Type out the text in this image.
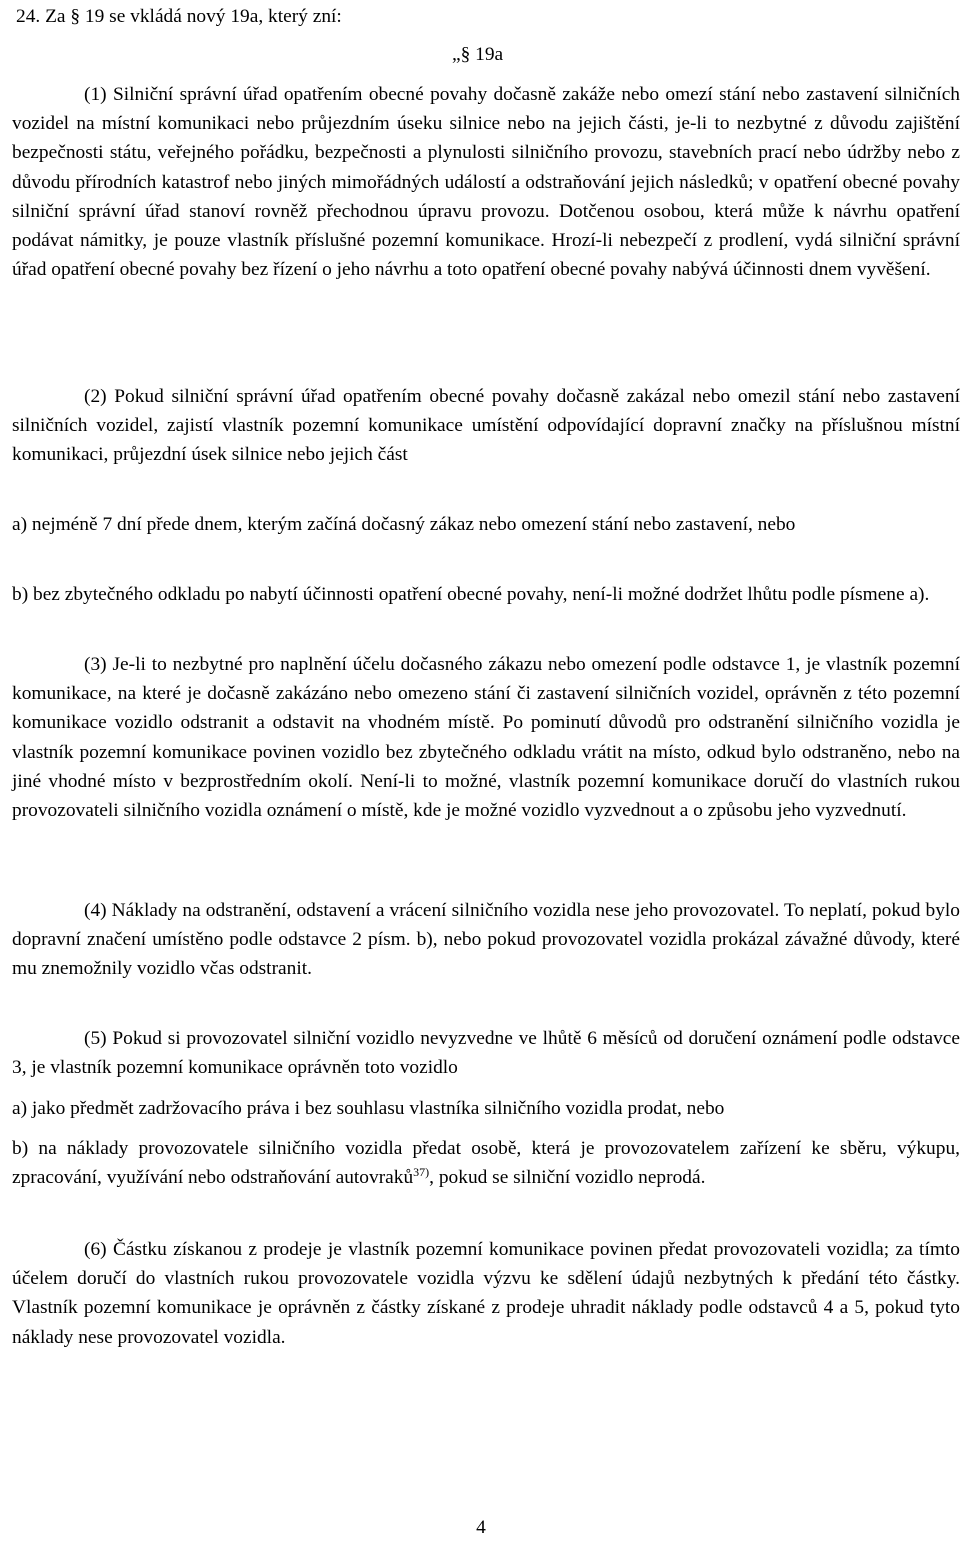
24. Za § 19 se vkládá nový 19a, který zní:
„§ 19a

(1) Silniční správní úřad opatřením obecné povahy dočasně zakáže nebo omezí stání nebo zastavení silničních vozidel na místní komunikaci nebo průjezdním úseku silnice nebo na jejich části, je-li to nezbytné z důvodu zajištění bezpečnosti státu, veřejného pořádku, bezpečnosti a plynulosti silničního provozu, stavebních prací nebo údržby nebo z důvodu přírodních katastrof nebo jiných mimořádných událostí a odstraňování jejich následků; v opatření obecné povahy silniční správní úřad stanoví rovněž přechodnou úpravu provozu. Dotčenou osobou, která může k návrhu opatření podávat námitky, je pouze vlastník příslušné pozemní komunikace. Hrozí-li nebezpečí z prodlení, vydá silniční správní úřad opatření obecné povahy bez řízení o jeho návrhu a toto opatření obecné povahy nabývá účinnosti dnem vyvěšení.

(2) Pokud silniční správní úřad opatřením obecné povahy dočasně zakázal nebo omezil stání nebo zastavení silničních vozidel, zajistí vlastník pozemní komunikace umístění odpovídající dopravní značky na příslušnou místní komunikaci, průjezdní úsek silnice nebo jejich část

a) nejméně 7 dní přede dnem, kterým začíná dočasný zákaz nebo omezení stání nebo zastavení, nebo

b) bez zbytečného odkladu po nabytí účinnosti opatření obecné povahy, není-li možné dodržet lhůtu podle písmene a).

(3) Je-li to nezbytné pro naplnění účelu dočasného zákazu nebo omezení podle odstavce 1, je vlastník pozemní komunikace, na které je dočasně zakázáno nebo omezeno stání či zastavení silničních vozidel, oprávněn z této pozemní komunikace vozidlo odstranit a odstavit na vhodném místě. Po pominutí důvodů pro odstranění silničního vozidla je vlastník pozemní komunikace povinen vozidlo bez zbytečného odkladu vrátit na místo, odkud bylo odstraněno, nebo na jiné vhodné místo v bezprostředním okolí. Není-li to možné, vlastník pozemní komunikace doručí do vlastních rukou provozovateli silničního vozidla oznámení o místě, kde je možné vozidlo vyzvednout a o způsobu jeho vyzvednutí.

(4) Náklady na odstranění, odstavení a vrácení silničního vozidla nese jeho provozovatel. To neplatí, pokud bylo dopravní značení umístěno podle odstavce 2 písm. b), nebo pokud provozovatel vozidla prokázal závažné důvody, které mu znemožnily vozidlo včas odstranit.

(5) Pokud si provozovatel silniční vozidlo nevyzvedne ve lhůtě 6 měsíců od doručení oznámení podle odstavce 3, je vlastník pozemní komunikace oprávněn toto vozidlo

a) jako předmět zadržovacího práva i bez souhlasu vlastníka silničního vozidla prodat, nebo

b) na náklady provozovatele silničního vozidla předat osobě, která je provozovatelem zařízení ke sběru, výkupu, zpracování, využívání nebo odstraňování autovraků$^{37)}$, pokud se silniční vozidlo neprodá.

(6) Částku získanou z prodeje je vlastník pozemní komunikace povinen předat provozovateli vozidla; za tímto účelem doručí do vlastních rukou provozovatele vozidla výzvu ke sdělení údajů nezbytných k předání této částky. Vlastník pozemní komunikace je oprávněn z částky získané z prodeje uhradit náklady podle odstavců 4 a 5, pokud tyto náklady nese provozovatel vozidla.

4
